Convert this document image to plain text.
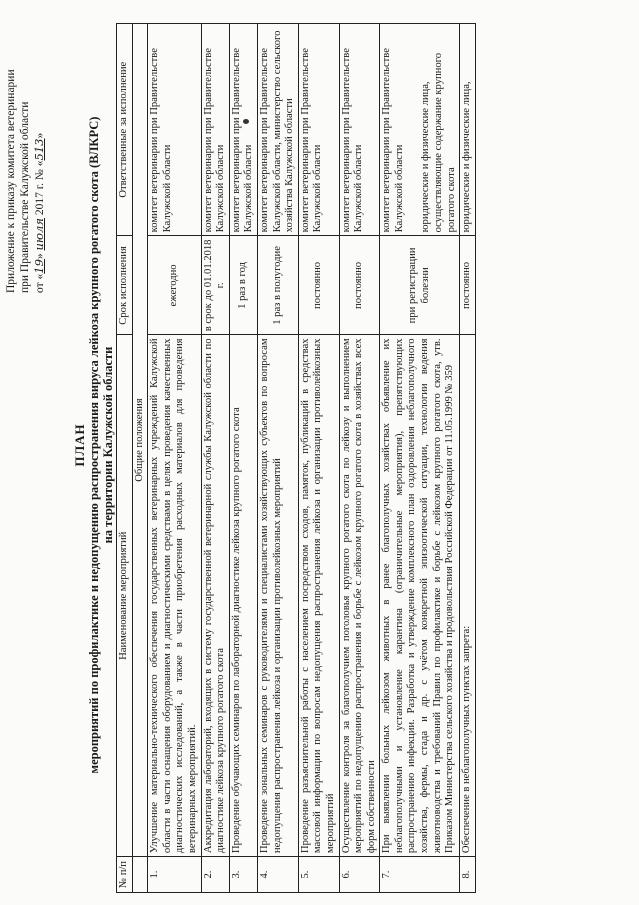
Приложение к приказу комитета ветеринарии при Правительстве Калужской области от «19» июля 2017 г. № «513»
ПЛАН мероприятий по профилактике и недопущению распространения вируса лейкоза крупного рогатого скота (ВЛКРС) на территории Калужской области
№ п/п	Наименование мероприятий	Срок исполнения	Ответственные за исполнение
	Общие положения		
1.	Улучшение материально-технического обеспечения государственных ветеринарных учреждений Калужской области в части оснащения оборудованием и диагностическими средствами в целях проведения качественных диагностических исследований, а также в части приобретения расходных материалов для проведения ветеринарных мероприятий.	ежегодно	комитет ветеринарии при Правительстве Калужской области
2.	Аккредитация лабораторий, входящих в систему государственной ветеринарной службы Калужской области по диагностике лейкоза крупного рогатого скота	в срок до 01.01.2018 г.	комитет ветеринарии при Правительстве Калужской области
3.	Проведение обучающих семинаров по лабораторной диагностике лейкоза крупного рогатого скота	1 раз в год	комитет ветеринарии при Правительстве Калужской области
4.	Проведение зональных семинаров с руководителями и специалистами хозяйствующих субъектов по вопросам недопущения распространения лейкоза и организации противолейкозных мероприятий	1 раз в полугодие	комитет ветеринарии при Правительстве Калужской области, министерство сельского хозяйства Калужской области
5.	Проведение разъяснительной работы с населением посредством сходов, памяток, публикаций в средствах массовой информации по вопросам недопущения распространения лейкоза и организации противолейкозных мероприятий	постоянно	комитет ветеринарии при Правительстве Калужской области
6.	Осуществление контроля за благополучием поголовья крупного рогатого скота по лейкозу и выполнением мероприятий по недопущению распространения и борьбе с лейкозом крупного рогатого скота в хозяйствах всех форм собственности	постоянно	комитет ветеринарии при Правительстве Калужской области
7.	При выявлении больных лейкозом животных в ранее благополучных хозяйствах объявление их неблагополучными и установление карантина (ограничительные мероприятия), препятствующих распространению инфекции. Разработка и утверждение комплексного план оздоровления неблагополучного хозяйства, фермы, стада и др. с учётом конкретной эпизоотической ситуации, технологии ведения животноводства и требований Правил по профилактике и борьбе с лейкозом крупного рогатого скота, утв. Приказом Министерства сельского хозяйства и продовольствия Российской Федерации от 11.05.1999 № 359	при регистрации болезни	комитет ветеринарии при Правительстве Калужской области юридические и физические лица, осуществляющие содержание крупного рогатого скота

8.	Обеспечение в неблагополучных пунктах запрета:	постоянно	юридические и физические лица,
